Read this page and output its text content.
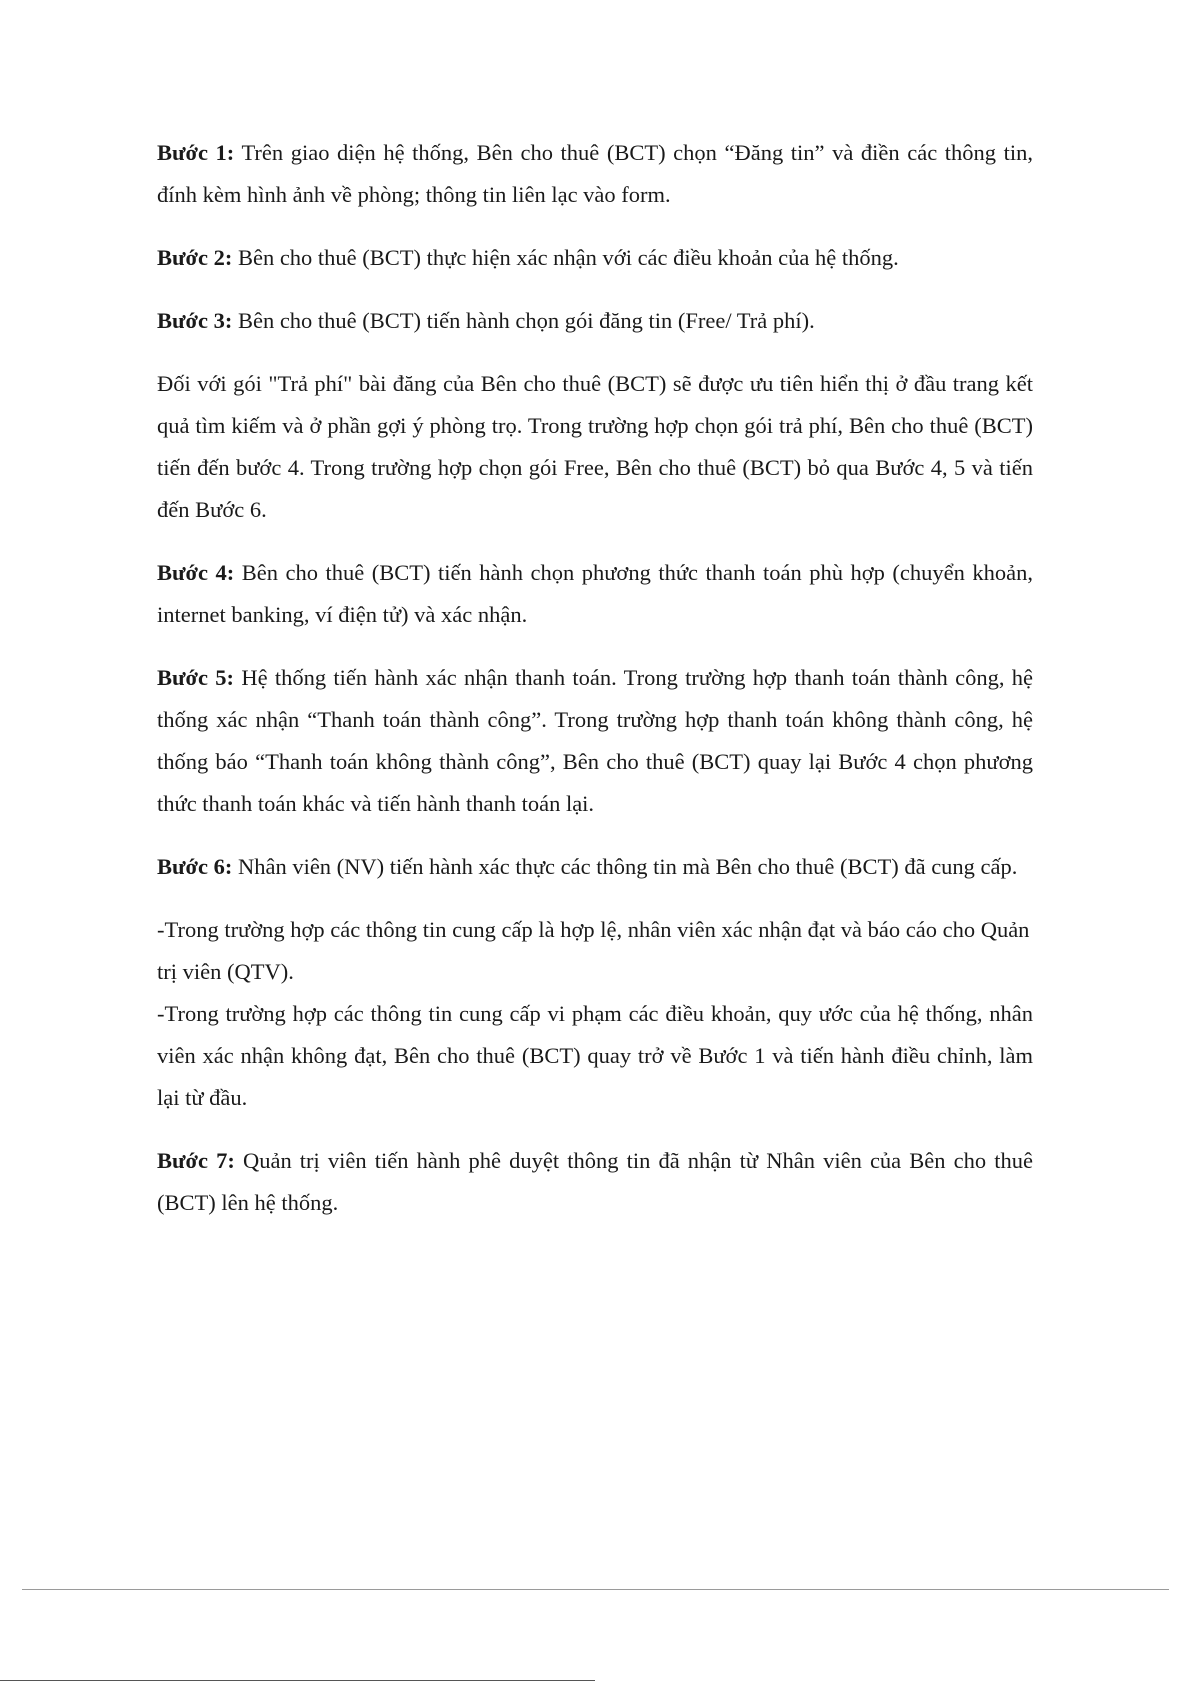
Bước 1: Trên giao diện hệ thống, Bên cho thuê (BCT) chọn “Đăng tin” và điền các thông tin, đính kèm hình ảnh về phòng; thông tin liên lạc vào form.

Bước 2: Bên cho thuê (BCT) thực hiện xác nhận với các điều khoản của hệ thống.

Bước 3: Bên cho thuê (BCT) tiến hành chọn gói đăng tin (Free/ Trả phí).

Đối với gói "Trả phí" bài đăng của Bên cho thuê (BCT) sẽ được ưu tiên hiển thị ở đầu trang kết quả tìm kiếm và ở phần gợi ý phòng trọ. Trong trường hợp chọn gói trả phí, Bên cho thuê (BCT) tiến đến bước 4. Trong trường hợp chọn gói Free, Bên cho thuê (BCT) bỏ qua Bước 4, 5 và tiến đến Bước 6.

Bước 4: Bên cho thuê (BCT) tiến hành chọn phương thức thanh toán phù hợp (chuyển khoản, internet banking, ví điện tử) và xác nhận.

Bước 5: Hệ thống tiến hành xác nhận thanh toán. Trong trường hợp thanh toán thành công, hệ thống xác nhận “Thanh toán thành công”. Trong trường hợp thanh toán không thành công, hệ thống báo “Thanh toán không thành công”, Bên cho thuê (BCT) quay lại Bước 4 chọn phương thức thanh toán khác và tiến hành thanh toán lại.

Bước 6: Nhân viên (NV) tiến hành xác thực các thông tin mà Bên cho thuê (BCT) đã cung cấp.

-Trong trường hợp các thông tin cung cấp là hợp lệ, nhân viên xác nhận đạt và báo cáo cho Quản trị viên (QTV).

-Trong trường hợp các thông tin cung cấp vi phạm các điều khoản, quy ước của hệ thống, nhân viên xác nhận không đạt, Bên cho thuê (BCT) quay trở về Bước 1 và tiến hành điều chỉnh, làm lại từ đầu.

Bước 7: Quản trị viên tiến hành phê duyệt thông tin đã nhận từ Nhân viên của Bên cho thuê (BCT) lên hệ thống.
